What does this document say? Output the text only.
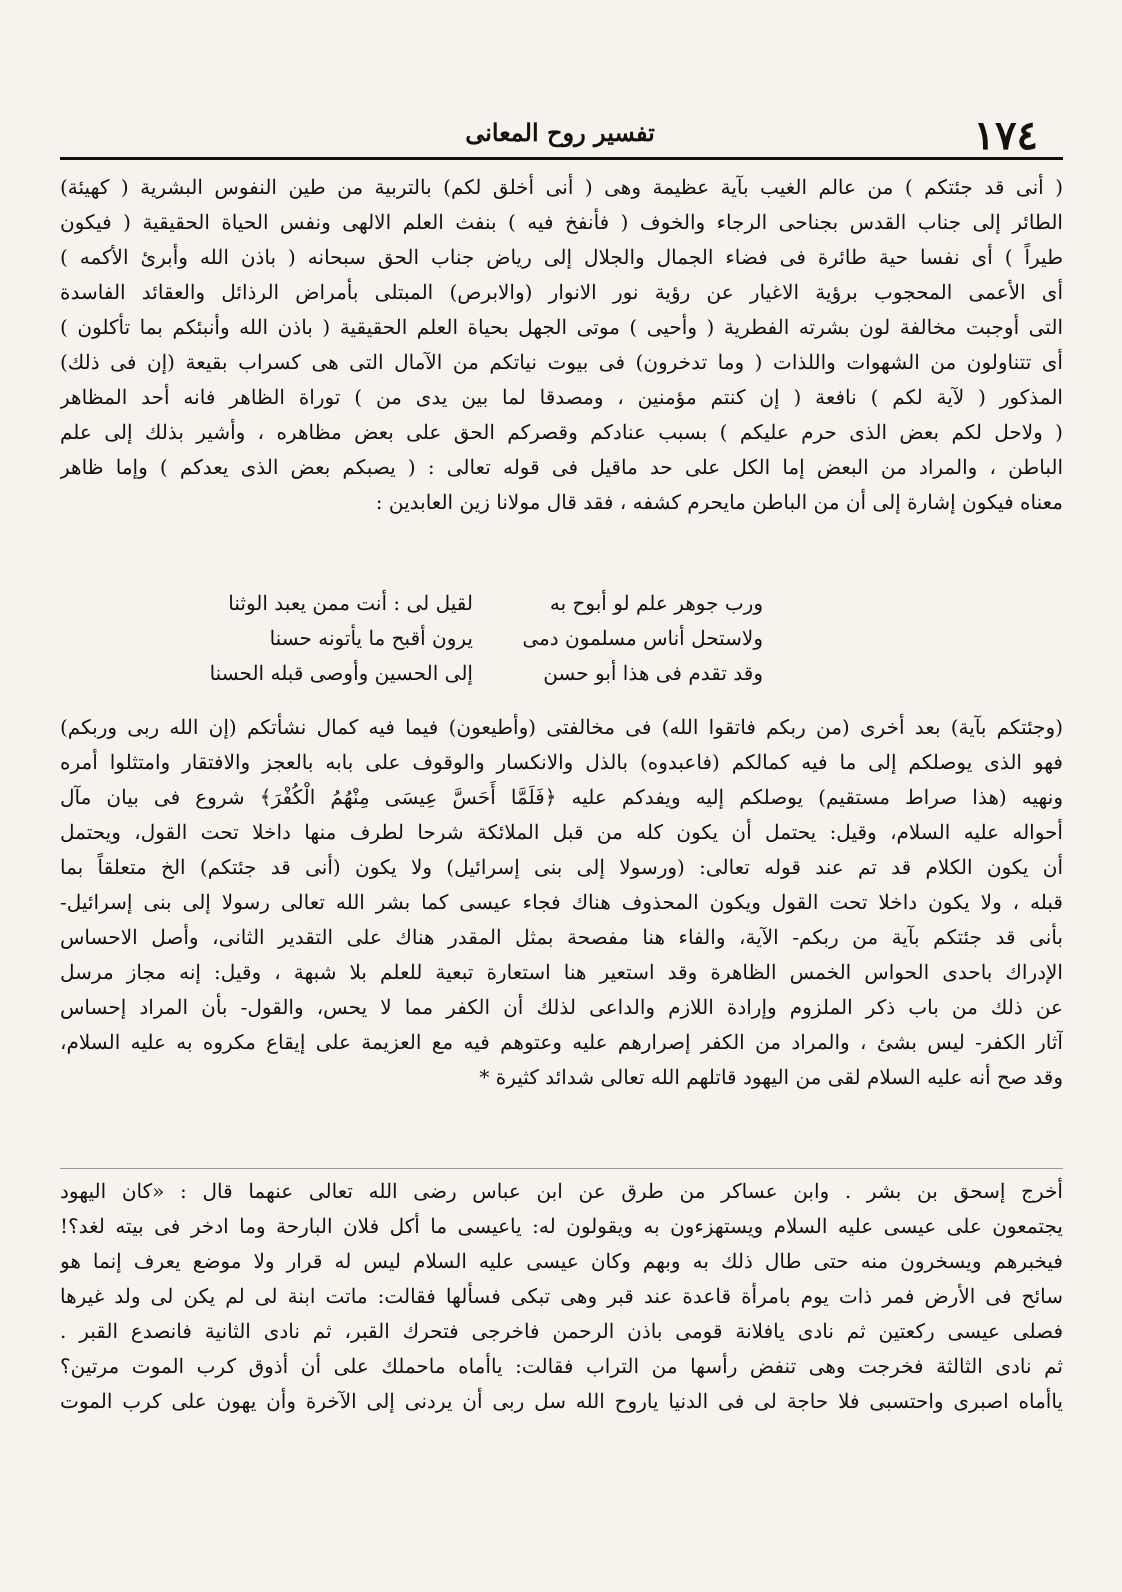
١٧٤
تفسير روح المعانى
( أنى قد جئتكم ) من عالم الغيب بآية عظيمة وهى ( أنى أخلق لكم) بالتربية من طين النفوس البشرية ( كهيئة)
الطائر إلى جناب القدس بجناحى الرجاء والخوف ( فأنفخ فيه ) بنفث العلم الالهى ونفس الحياة الحقيقية ( فيكون
طيراً ) أى نفسا حية طائرة فى فضاء الجمال والجلال إلى رياض جناب الحق سبحانه ( باذن الله وأبرئ الأكمه )
أى الأعمى المحجوب برؤية الاغيار عن رؤية نور الانوار (والابرص) المبتلى بأمراض الرذائل والعقائد الفاسدة
التى أوجبت مخالفة لون بشرته الفطرية ( وأحيى ) موتى الجهل بحياة العلم الحقيقية ( باذن الله وأنبئكم بما تأكلون )
أى تتناولون من الشهوات واللذات ( وما تدخرون) فى بيوت نياتكم من الآمال التى هى كسراب بقيعة (إن فى ذلك)
المذكور ( لآية لكم ) نافعة ( إن كنتم مؤمنين ، ومصدقا لما بين يدى من ) توراة الظاهر فانه أحد المظاهر
( ولاحل لكم بعض الذى حرم عليكم ) بسبب عنادكم وقصركم الحق على بعض مظاهره ، وأشير بذلك إلى علم
الباطن ، والمراد من البعض إما الكل على حد ماقيل فى قوله تعالى : ( يصبكم بعض الذى يعدكم ) وإما ظاهر
معناه فيكون إشارة إلى أن من الباطن مايحرم كشفه ، فقد قال مولانا زين العابدين :
ورب جوهر علم لو أبوح به
لقيل لى : أنت ممن يعبد الوثنا
ولاستحل أناس مسلمون دمى
يرون أقبح ما يأتونه حسنا
وقد تقدم فى هذا أبو حسن
إلى الحسين وأوصى قبله الحسنا
(وجئتكم بآية) بعد أخرى (من ربكم فاتقوا الله) فى مخالفتى (وأطيعون) فيما فيه كمال نشأتكم (إن الله ربى وربكم)
فهو الذى يوصلكم إلى ما فيه كمالكم (فاعبدوه) بالذل والانكسار والوقوف على بابه بالعجز والافتقار وامتثلوا أمره
ونهيه (هذا صراط مستقيم) يوصلكم إليه ويفدكم عليه ﴿فَلَمَّا أَحَسَّ عِيسَى مِنْهُمُ الْكُفْرَ﴾ شروع فى بيان مآل
أحواله عليه السلام، وقيل: يحتمل أن يكون كله من قبل الملائكة شرحا لطرف منها داخلا تحت القول، ويحتمل
أن يكون الكلام قد تم عند قوله تعالى: (ورسولا إلى بنى إسرائيل) ولا يكون (أنى قد جئتكم) الخ متعلقاً بما
قبله ، ولا يكون داخلا تحت القول ويكون المحذوف هناك فجاء عيسى كما بشر الله تعالى رسولا إلى بنى إسرائيل-
بأنى قد جئتكم بآية من ربكم- الآية، والفاء هنا مفصحة بمثل المقدر هناك على التقدير الثانى، وأصل الاحساس
الإدراك باحدى الحواس الخمس الظاهرة وقد استعير هنا استعارة تبعية للعلم بلا شبهة ، وقيل: إنه مجاز مرسل
عن ذلك من باب ذكر الملزوم وإرادة اللازم والداعى لذلك أن الكفر مما لا يحس، والقول- بأن المراد إحساس
آثار الكفر- ليس بشئ ، والمراد من الكفر إصرارهم عليه وعتوهم فيه مع العزيمة على إيقاع مكروه به عليه السلام،
وقد صح أنه عليه السلام لقى من اليهود قاتلهم الله تعالى شدائد كثيرة *
أخرج إسحق بن بشر . وابن عساكر من طرق عن ابن عباس رضى الله تعالى عنهما قال : «كان اليهود
يجتمعون على عيسى عليه السلام ويستهزءون به ويقولون له: ياعيسى ما أكل فلان البارحة وما ادخر فى بيته لغد؟!
فيخبرهم ويسخرون منه حتى طال ذلك به وبهم وكان عيسى عليه السلام ليس له قرار ولا موضع يعرف إنما هو
سائح فى الأرض فمر ذات يوم بامرأة قاعدة عند قبر وهى تبكى فسألها فقالت: ماتت ابنة لى لم يكن لى ولد غيرها
فصلى عيسى ركعتين ثم نادى يافلانة قومى باذن الرحمن فاخرجى فتحرك القبر، ثم نادى الثانية فانصدع القبر .
ثم نادى الثالثة فخرجت وهى تنفض رأسها من التراب فقالت: ياأماه ماحملك على أن أذوق كرب الموت مرتين؟
ياأماه اصبرى واحتسبى فلا حاجة لى فى الدنيا ياروح الله سل ربى أن يردنى إلى الآخرة وأن يهون على كرب الموت
